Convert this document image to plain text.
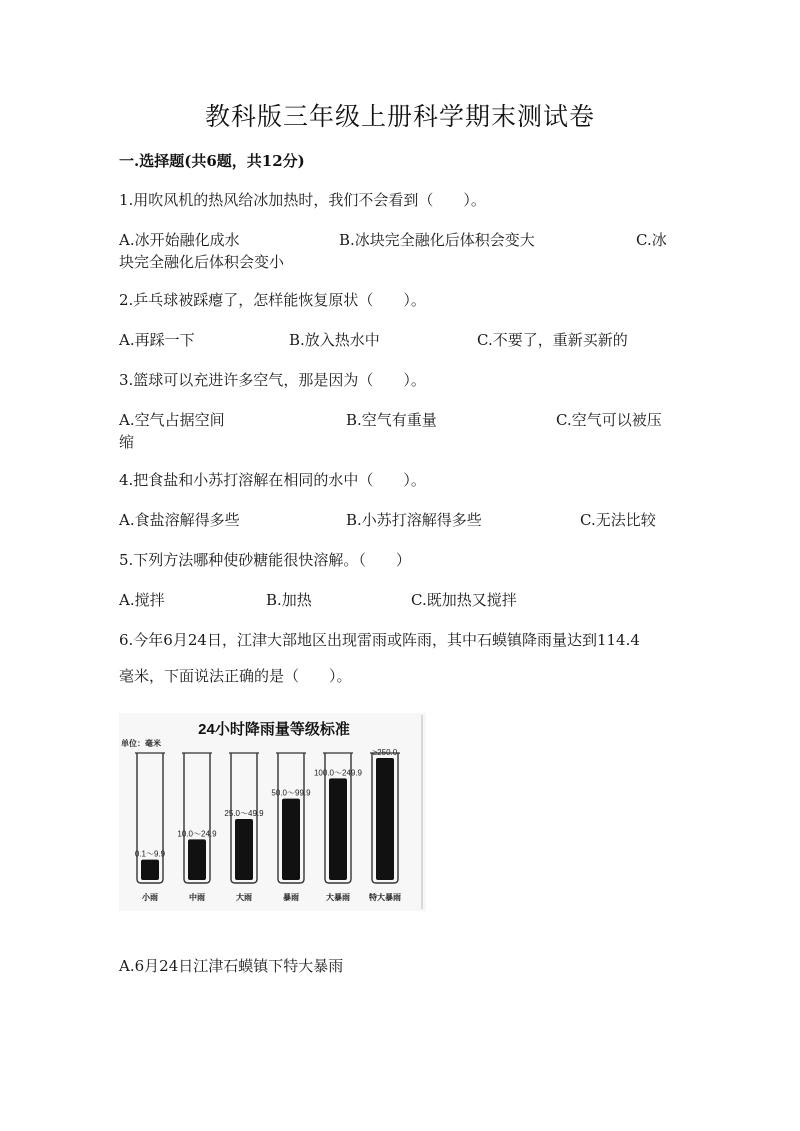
教科版三年级上册科学期末测试卷
一.选择题(共6题，共12分)
1.用吹风机的热风给冰加热时，我们不会看到（　　）。
A.冰开始融化成水	B.冰块完全融化后体积会变大	C.冰
块完全融化后体积会变小
2.乒乓球被踩瘪了，怎样能恢复原状（　　）。
A.再踩一下	B.放入热水中	C.不要了，重新买新的
3.篮球可以充进许多空气，那是因为（　　）。
A.空气占据空间	B.空气有重量	C.空气可以被压
缩
4.把食盐和小苏打溶解在相同的水中（　　）。
A.食盐溶解得多些	B.小苏打溶解得多些	C.无法比较
5.下列方法哪种使砂糖能很快溶解。（　　）
A.搅拌	B.加热	C.既加热又搅拌
6.今年6月24日，江津大部地区出现雷雨或阵雨，其中石蟆镇降雨量达到114.4
毫米，下面说法正确的是（　　）。
24小时降雨量等级标准
单位：毫米
0.1～9.9
小雨
10.0～24.9
中雨
25.0～49.9
大雨
50.0～99.9
暴雨
100.0～249.9
大暴雨
≥250.0
特大暴雨
A.6月24日江津石蟆镇下特大暴雨
